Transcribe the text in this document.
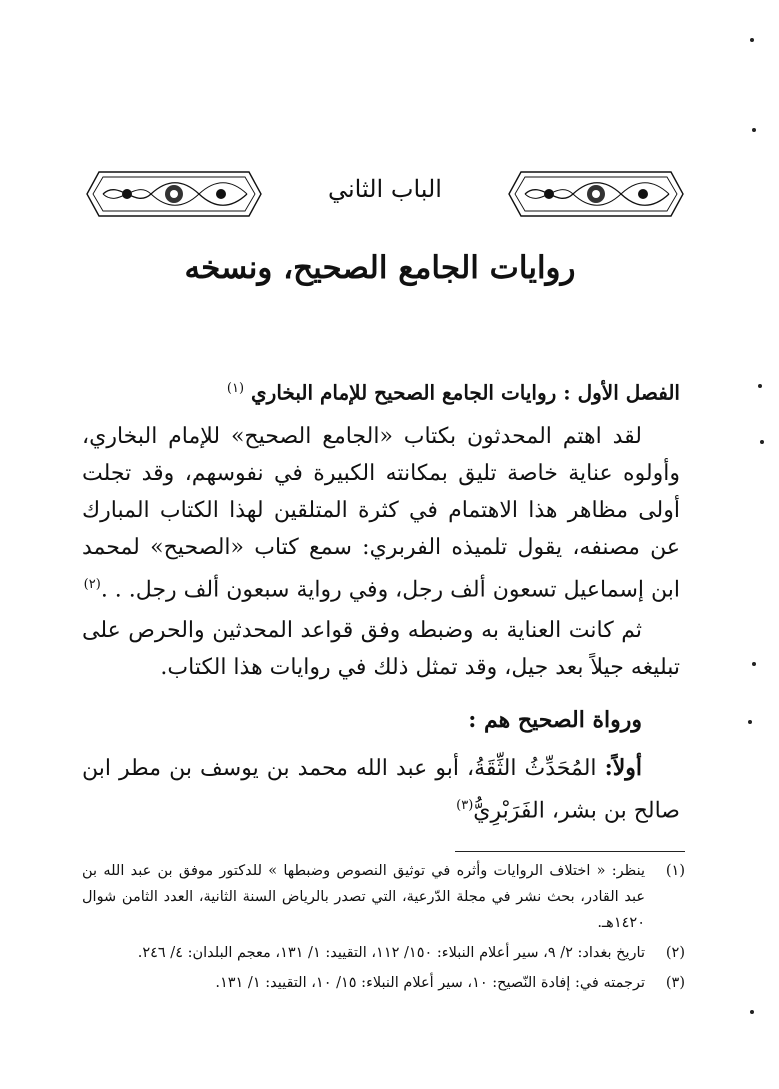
الباب الثاني
روايات الجامع الصحيح، ونسخه
الفصل الأول : روايات الجامع الصحيح للإمام البخاري $^{(١)}$

لقد اهتم المحدثون بكتاب «الجامع الصحيح» للإمام البخاري، وأولوه عناية خاصة تليق بمكانته الكبيرة في نفوسهم، وقد تجلت أولى مظاهر هذا الاهتمام في كثرة المتلقين لهذا الكتاب المبارك عن مصنفه، يقول تلميذه الفربري: سمع كتاب «الصحيح» لمحمد ابن إسماعيل تسعون ألف رجل، وفي رواية سبعون ألف رجل. . .$^{(٢)}$

ثم كانت العناية به وضبطه وفق قواعد المحدثين والحرص على تبليغه جيلاً بعد جيل، وقد تمثل ذلك في روايات هذا الكتاب.

ورواة الصحيح هم :

أولاً: المُحَدِّثُ الثِّقَةُ، أبو عبد الله محمد بن يوسف بن مطر ابن صالح بن بشر، الفَرَبْرِيُّ$^{(٣)}$

(١)
ينظر: « اختلاف الروايات وأثره في توثيق النصوص وضبطها » للدكتور موفق بن عبد الله بن عبد القادر، بحث نشر في مجلة الدّرعية، التي تصدر بالرياض السنة الثانية، العدد الثامن شوال ١٤٢٠هـ.
(٢)
تاريخ بغداد: ٢/ ٩، سير أعلام النبلاء: ١٥٠/ ١١٢، التقييد: ١/ ١٣١، معجم البلدان: ٤/ ٢٤٦.
(٣)
ترجمته في: إفادة النّصيح: ١٠، سير أعلام النبلاء: ١٥/ ١٠، التقييد: ١/ ١٣١.
